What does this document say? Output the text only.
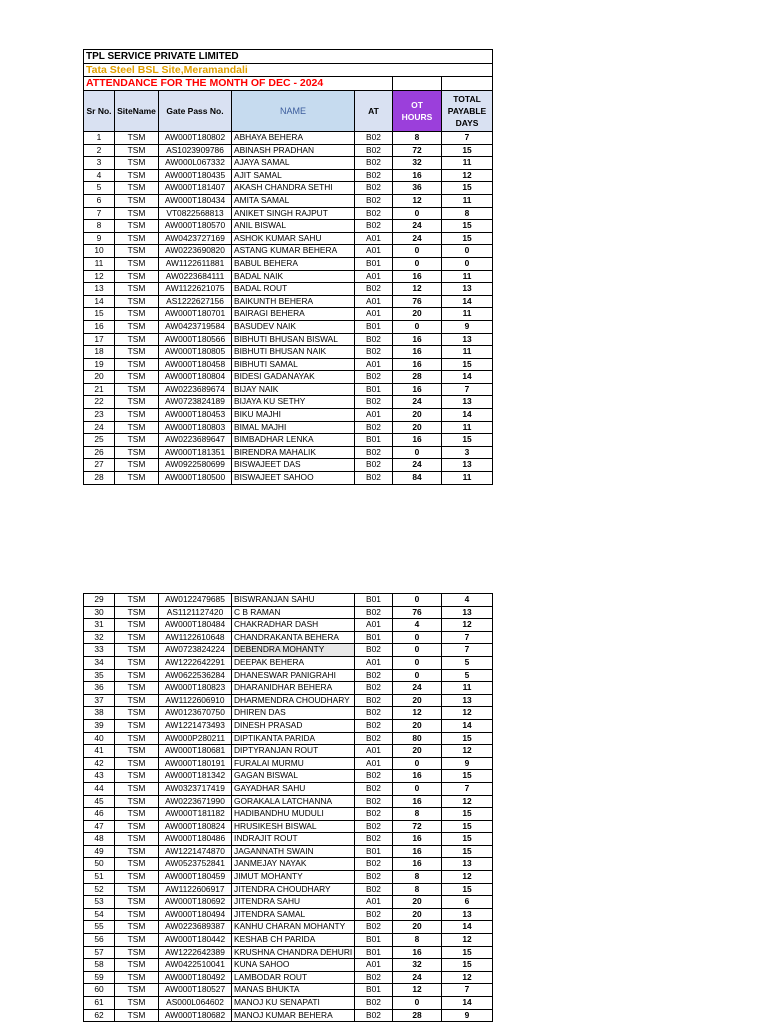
TPL SERVICE PRIVATE LIMITED						
Tata Steel BSL Site,Meramandali						
ATTENDANCE FOR THE MONTH OF DEC - 2024						
Sr No.	SiteName	Gate Pass No.	NAME	AT	OT HOURS	TOTAL PAYABLE DAYS
1	TSM	AW000T180802	ABHAYA BEHERA	B02	8	7
2	TSM	AS1023909786	ABINASH PRADHAN	B02	72	15
3	TSM	AW000L067332	AJAYA SAMAL	B02	32	11
4	TSM	AW000T180435	AJIT SAMAL	B02	16	12
5	TSM	AW000T181407	AKASH CHANDRA SETHI	B02	36	15
6	TSM	AW000T180434	AMITA SAMAL	B02	12	11
7	TSM	VT0822568813	ANIKET SINGH RAJPUT	B02	0	8
8	TSM	AW000T180570	ANIL BISWAL	B02	24	15
9	TSM	AW0423727169	ASHOK KUMAR SAHU	A01	24	15
10	TSM	AW0223690820	ASTANG KUMAR BEHERA	A01	0	0
11	TSM	AW1122611881	BABUL BEHERA	B01	0	0
12	TSM	AW0223684111	BADAL NAIK	A01	16	11
13	TSM	AW1122621075	BADAL ROUT	B02	12	13
14	TSM	AS1222627156	BAIKUNTH BEHERA	A01	76	14
15	TSM	AW000T180701	BAIRAGI BEHERA	A01	20	11
16	TSM	AW0423719584	BASUDEV NAIK	B01	0	9
17	TSM	AW000T180566	BIBHUTI BHUSAN BISWAL	B02	16	13
18	TSM	AW000T180805	BIBHUTI BHUSAN NAIK	B02	16	11
19	TSM	AW000T180458	BIBHUTI SAMAL	A01	16	15
20	TSM	AW000T180804	BIDESI GADANAYAK	B02	28	14
21	TSM	AW0223689674	BIJAY NAIK	B01	16	7
22	TSM	AW0723824189	BIJAYA KU SETHY	B02	24	13
23	TSM	AW000T180453	BIKU MAJHI	A01	20	14
24	TSM	AW000T180803	BIMAL MAJHI	B02	20	11
25	TSM	AW0223689647	BIMBADHAR LENKA	B01	16	15
26	TSM	AW000T181351	BIRENDRA MAHALIK	B02	0	3
27	TSM	AW0922580699	BISWAJEET DAS	B02	24	13
28	TSM	AW000T180500	BISWAJEET SAHOO	B02	84	11
29	TSM	AW0122479685	BISWRANJAN SAHU	B01	0	4
30	TSM	AS1121127420	C B RAMAN	B02	76	13
31	TSM	AW000T180484	CHAKRADHAR DASH	A01	4	12
32	TSM	AW1122610648	CHANDRAKANTA BEHERA	B01	0	7
33	TSM	AW0723824224	DEBENDRA MOHANTY	B02	0	7
34	TSM	AW1222642291	DEEPAK BEHERA	A01	0	5
35	TSM	AW0622536284	DHANESWAR PANIGRAHI	B02	0	5
36	TSM	AW000T180823	DHARANIDHAR BEHERA	B02	24	11
37	TSM	AW1122606910	DHARMENDRA CHOUDHARY	B02	20	13
38	TSM	AW0123670750	DHIREN DAS	B02	12	12
39	TSM	AW1221473493	DINESH PRASAD	B02	20	14
40	TSM	AW000P280211	DIPTIKANTA PARIDA	B02	80	15
41	TSM	AW000T180681	DIPTYRANJAN ROUT	A01	20	12
42	TSM	AW000T180191	FURALAI MURMU	A01	0	9
43	TSM	AW000T181342	GAGAN BISWAL	B02	16	15
44	TSM	AW0323717419	GAYADHAR SAHU	B02	0	7
45	TSM	AW0223671990	GORAKALA LATCHANNA	B02	16	12
46	TSM	AW000T181182	HADIBANDHU MUDULI	B02	8	15
47	TSM	AW000T180824	HRUSIKESH BISWAL	B02	72	15
48	TSM	AW000T180486	INDRAJIT ROUT	B02	16	15
49	TSM	AW1221474870	JAGANNATH SWAIN	B01	16	15
50	TSM	AW0523752841	JANMEJAY NAYAK	B02	16	13
51	TSM	AW000T180459	JIMUT MOHANTY	B02	8	12
52	TSM	AW1122606917	JITENDRA CHOUDHARY	B02	8	15
53	TSM	AW000T180692	JITENDRA SAHU	A01	20	6
54	TSM	AW000T180494	JITENDRA SAMAL	B02	20	13
55	TSM	AW0223689387	KANHU CHARAN MOHANTY	B02	20	14
56	TSM	AW000T180442	KESHAB CH PARIDA	B01	8	12
57	TSM	AW1222642389	KRUSHNA CHANDRA DEHURI	B01	16	15
58	TSM	AW0422510041	KUNA SAHOO	A01	32	15
59	TSM	AW000T180492	LAMBODAR ROUT	B02	24	12
60	TSM	AW000T180527	MANAS BHUKTA	B01	12	7
61	TSM	AS000L064602	MANOJ KU SENAPATI	B02	0	14
62	TSM	AW000T180682	MANOJ KUMAR BEHERA	B02	28	9
